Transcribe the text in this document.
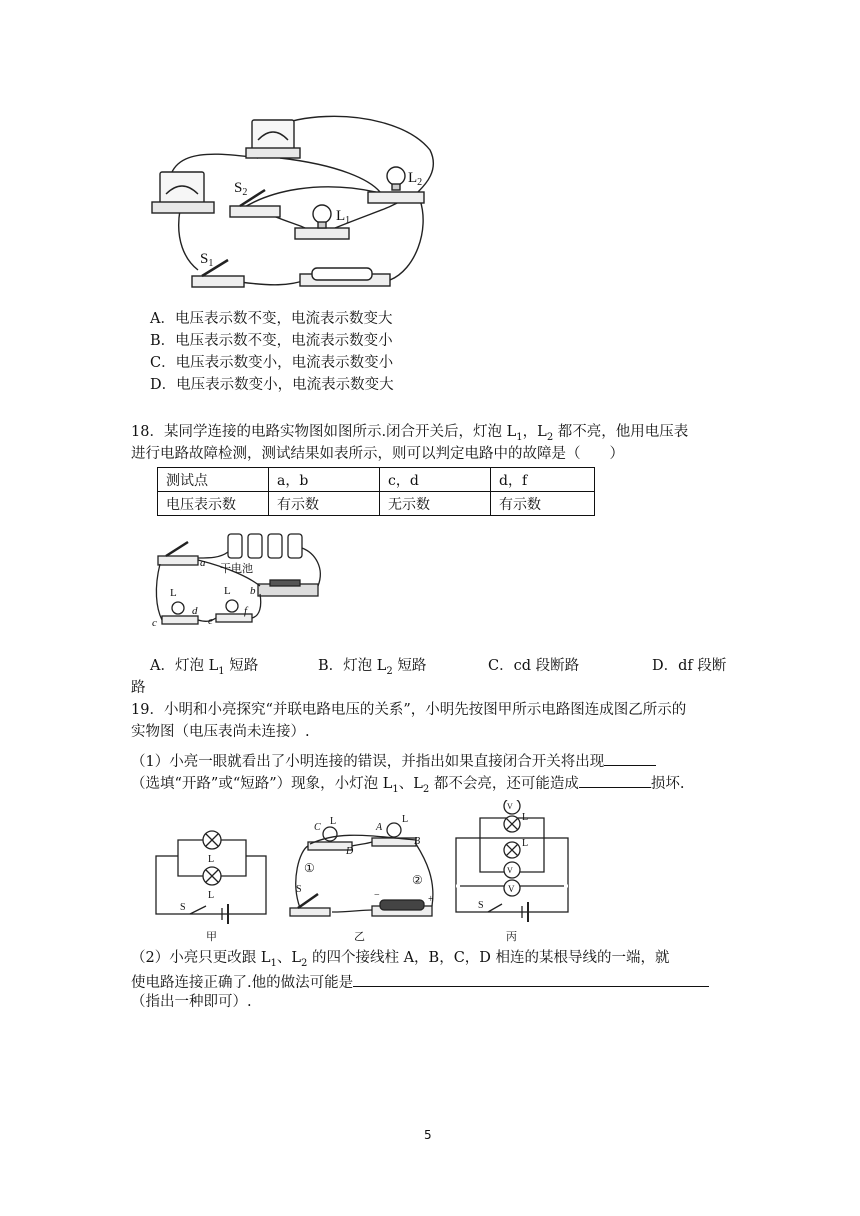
$S_1$
$S_2$
$L_1$
$L_2$
A．电压表示数不变，电流表示数变大
B．电压表示数不变，电流表示数变小
C．电压表示数变小，电流表示数变小
D．电压表示数变小，电流表示数变大
18．某同学连接的电路实物图如图所示.闭合开关后，灯泡 $L_1$，$L_2$ 都不亮，他用电压表
进行电路故障检测，测试结果如表所示，则可以判定电路中的故障是（　　）
测试点	a，b	c，d	d，f
电压表示数	有示数	无示数	有示数
干电池
a
b
c
d
e
f
L	L
A．灯泡 $L_1$ 短路	B．灯泡 $L_2$ 短路	C．cd 段断路	D．df 段断
路
19．小明和小亮探究“并联电路电压的关系”，小明先按图甲所示电路图连成图乙所示的
实物图（电压表尚未连接）.
（1）小亮一眼就看出了小明连接的错误，并指出如果直接闭合开关将出现
（选填“开路”或“短路”）现象，小灯泡 $L_1$、$L_2$ 都不会亮，还可能造成	损坏.
L
L
S
C
D
A
B
L	L
S
①
②
−	+
V
L
L
V
V
S
甲	乙	丙
（2）小亮只更改跟 $L_1$、$L_2$ 的四个接线柱 A，B，C，D 相连的某根导线的一端，就
使电路连接正确了.他的做法可能是
（指出一种即可）.
5
